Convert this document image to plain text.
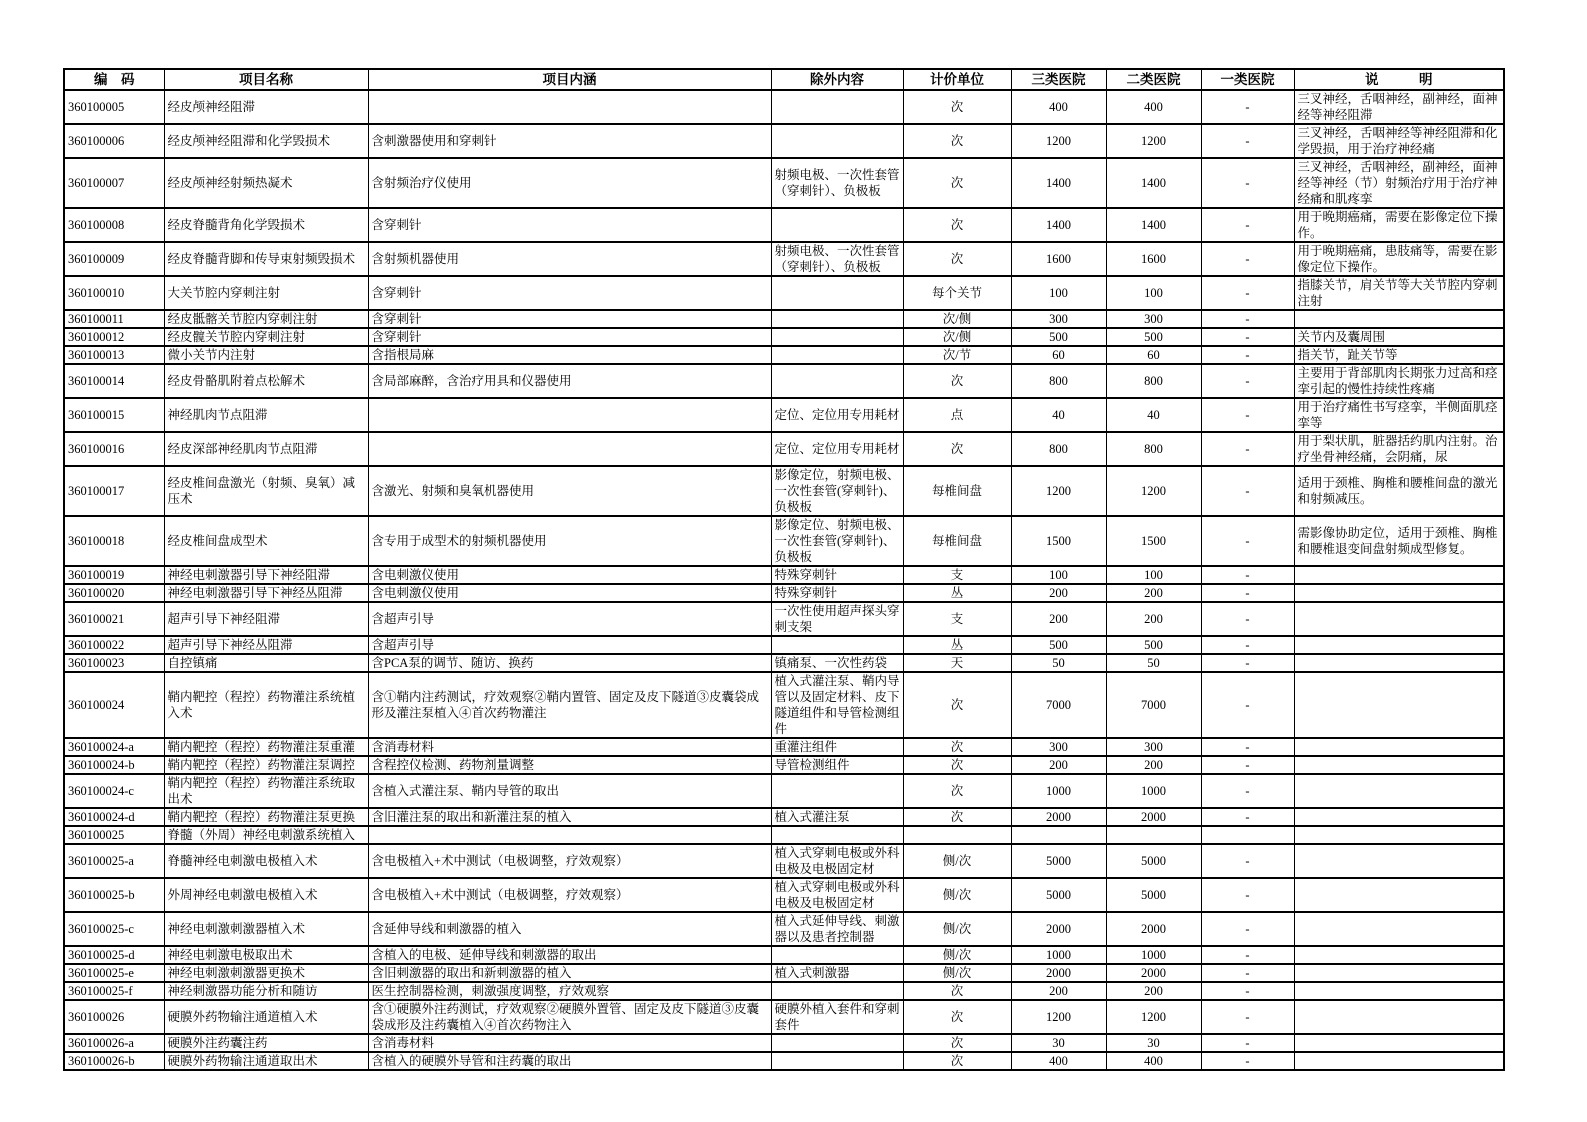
编　码	项目名称	项目内涵	除外内容	计价单位	三类医院	二类医院	一类医院	说　　　明
360100005	经皮颅神经阻滞			次	400	400	-	三叉神经，舌咽神经，副神经，面神经等神经阻滞
360100006	经皮颅神经阻滞和化学毁损术	含刺激器使用和穿刺针		次	1200	1200	-	三叉神经，舌咽神经等神经阻滞和化学毁损，用于治疗神经痛
360100007	经皮颅神经射频热凝术	含射频治疗仪使用	射频电极、一次性套管（穿刺针）、负极板	次	1400	1400	-	三叉神经，舌咽神经，副神经，面神经等神经（节）射频治疗用于治疗神经痛和肌疼挛
360100008	经皮脊髓背角化学毁损术	含穿刺针		次	1400	1400	-	用于晚期癌痛，需要在影像定位下操作。
360100009	经皮脊髓背脚和传导束射频毁损术	含射频机器使用	射频电极、一次性套管（穿刺针）、负极板	次	1600	1600	-	用于晚期癌痛，患肢痛等，需要在影像定位下操作。
360100010	大关节腔内穿刺注射	含穿刺针		每个关节	100	100	-	指膝关节，肩关节等大关节腔内穿刺注射
360100011	经皮骶髂关节腔内穿刺注射	含穿刺针		次/侧	300	300	-	
360100012	经皮髋关节腔内穿刺注射	含穿刺针		次/侧	500	500	-	关节内及囊周围
360100013	微小关节内注射	含指根局麻		次/节	60	60	-	指关节，趾关节等
360100014	经皮骨骼肌附着点松解术	含局部麻醉，含治疗用具和仪器使用		次	800	800	-	主要用于背部肌肉长期张力过高和痉挛引起的慢性持续性疼痛
360100015	神经肌肉节点阻滞		定位、定位用专用耗材	点	40	40	-	用于治疗痛性书写痉挛，半侧面肌痉挛等
360100016	经皮深部神经肌肉节点阻滞		定位、定位用专用耗材	次	800	800	-	用于梨状肌，脏器括约肌内注射。治疗坐骨神经痛，会阴痛，尿
360100017	经皮椎间盘激光（射频、臭氧）减压术	含激光、射频和臭氧机器使用	影像定位，射频电极、一次性套管(穿刺针)、负极板	每椎间盘	1200	1200	-	适用于颈椎、胸椎和腰椎间盘的激光和射频减压。
360100018	经皮椎间盘成型术	含专用于成型术的射频机器使用	影像定位、射频电极、一次性套管(穿刺针)、负极板	每椎间盘	1500	1500	-	需影像协助定位，适用于颈椎、胸椎和腰椎退变间盘射频成型修复。
360100019	神经电刺激器引导下神经阻滞	含电刺激仪使用	特殊穿刺针	支	100	100	-	
360100020	神经电刺激器引导下神经丛阻滞	含电刺激仪使用	特殊穿刺针	丛	200	200	-	
360100021	超声引导下神经阻滞	含超声引导	一次性使用超声探头穿刺支架	支	200	200	-	
360100022	超声引导下神经丛阻滞	含超声引导		丛	500	500	-	
360100023	自控镇痛	含PCA泵的调节、随访、换药	镇痛泵、一次性药袋	天	50	50	-	
360100024	鞘内靶控（程控）药物灌注系统植入术	含①鞘内注药测试，疗效观察②鞘内置管、固定及皮下隧道③皮囊袋成形及灌注泵植入④首次药物灌注	植入式灌注泵、鞘内导管以及固定材料、皮下隧道组件和导管检测组件	次	7000	7000	-	
360100024-a	鞘内靶控（程控）药物灌注泵重灌	含消毒材料	重灌注组件	次	300	300	-	
360100024-b	鞘内靶控（程控）药物灌注泵调控	含程控仪检测、药物剂量调整	导管检测组件	次	200	200	-	
360100024-c	鞘内靶控（程控）药物灌注系统取出术	含植入式灌注泵、鞘内导管的取出		次	1000	1000	-	
360100024-d	鞘内靶控（程控）药物灌注泵更换	含旧灌注泵的取出和新灌注泵的植入	植入式灌注泵	次	2000	2000	-	
360100025	脊髓（外周）神经电刺激系统植入							
360100025-a	脊髓神经电刺激电极植入术	含电极植入+术中测试（电极调整，疗效观察）	植入式穿刺电极或外科电极及电极固定材	侧/次	5000	5000	-	
360100025-b	外周神经电刺激电极植入术	含电极植入+术中测试（电极调整，疗效观察）	植入式穿刺电极或外科电极及电极固定材	侧/次	5000	5000	-	
360100025-c	神经电刺激刺激器植入术	含延伸导线和刺激器的植入	植入式延伸导线、刺激器以及患者控制器	侧/次	2000	2000	-	
360100025-d	神经电刺激电极取出术	含植入的电极、延伸导线和刺激器的取出		侧/次	1000	1000	-	
360100025-e	神经电刺激刺激器更换术	含旧刺激器的取出和新刺激器的植入	植入式刺激器	侧/次	2000	2000	-	
360100025-f	神经刺激器功能分析和随访	医生控制器检测，刺激强度调整，疗效观察		次	200	200	-	
360100026	硬膜外药物输注通道植入术	含①硬膜外注药测试，疗效观察②硬膜外置管、固定及皮下隧道③皮囊袋成形及注药囊植入④首次药物注入	硬膜外植入套件和穿刺套件	次	1200	1200	-	
360100026-a	硬膜外注药囊注药	含消毒材料		次	30	30	-	
360100026-b	硬膜外药物输注通道取出术	含植入的硬膜外导管和注药囊的取出		次	400	400	-	
